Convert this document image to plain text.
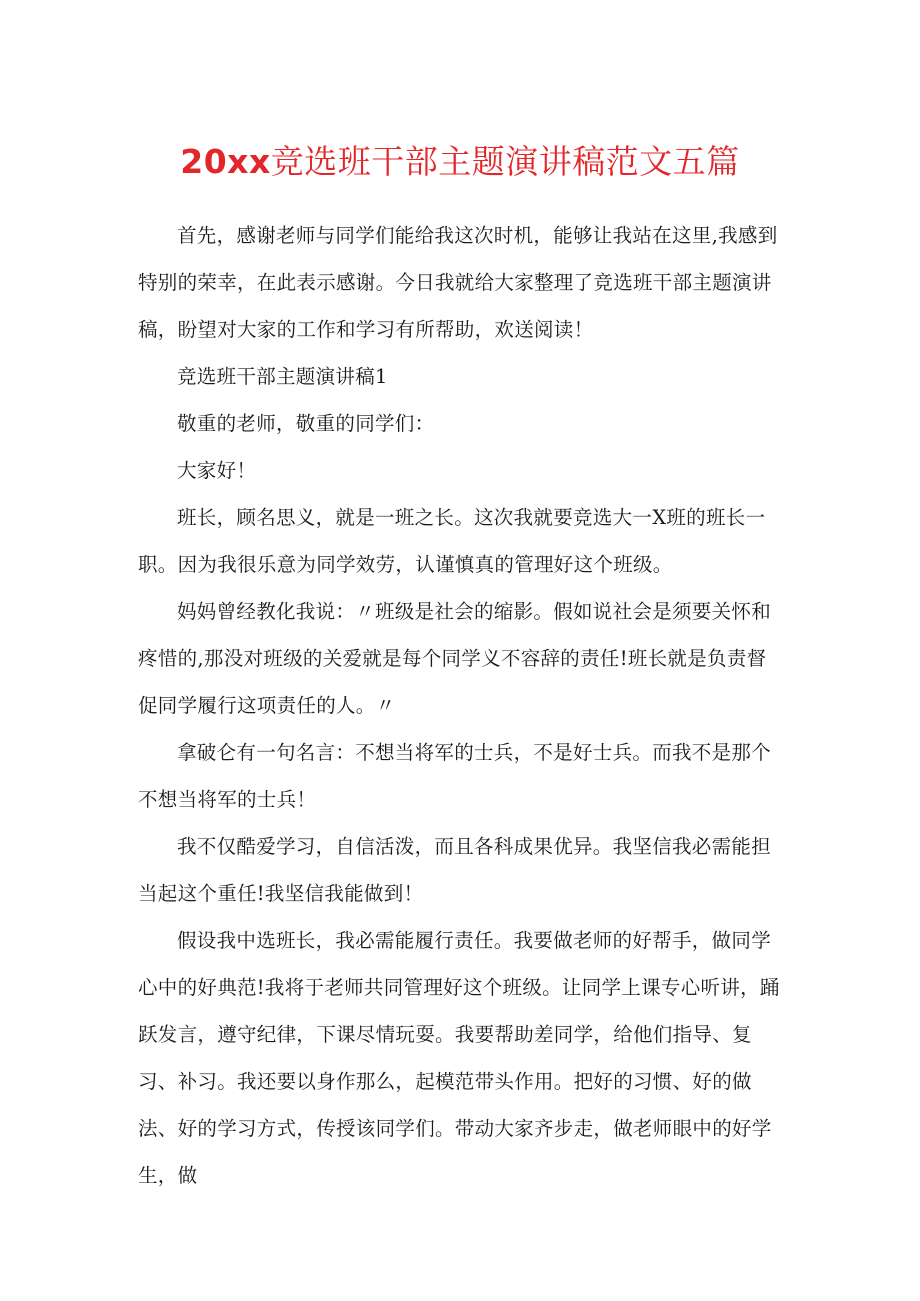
20xx竞选班干部主题演讲稿范文五篇

首先，感谢老师与同学们能给我这次时机，能够让我站在这里,我感到特别的荣幸，在此表示感谢。今日我就给大家整理了竞选班干部主题演讲稿，盼望对大家的工作和学习有所帮助，欢送阅读！

竞选班干部主题演讲稿1

敬重的老师，敬重的同学们：

大家好！

班长，顾名思义，就是一班之长。这次我就要竞选大一X班的班长一职。因为我很乐意为同学效劳，认谨慎真的管理好这个班级。

妈妈曾经教化我说：〃班级是社会的缩影。假如说社会是须要关怀和疼惜的,那没对班级的关爱就是每个同学义不容辞的责任!班长就是负责督促同学履行这项责任的人。〃

拿破仑有一句名言：不想当将军的士兵，不是好士兵。而我不是那个不想当将军的士兵！

我不仅酷爱学习，自信活泼，而且各科成果优异。我坚信我必需能担当起这个重任!我坚信我能做到！

假设我中选班长，我必需能履行责任。我要做老师的好帮手，做同学心中的好典范!我将于老师共同管理好这个班级。让同学上课专心听讲，踊跃发言，遵守纪律，下课尽情玩耍。我要帮助差同学，给他们指导、复习、补习。我还要以身作那么，起模范带头作用。把好的习惯、好的做法、好的学习方式，传授该同学们。带动大家齐步走，做老师眼中的好学生，做
